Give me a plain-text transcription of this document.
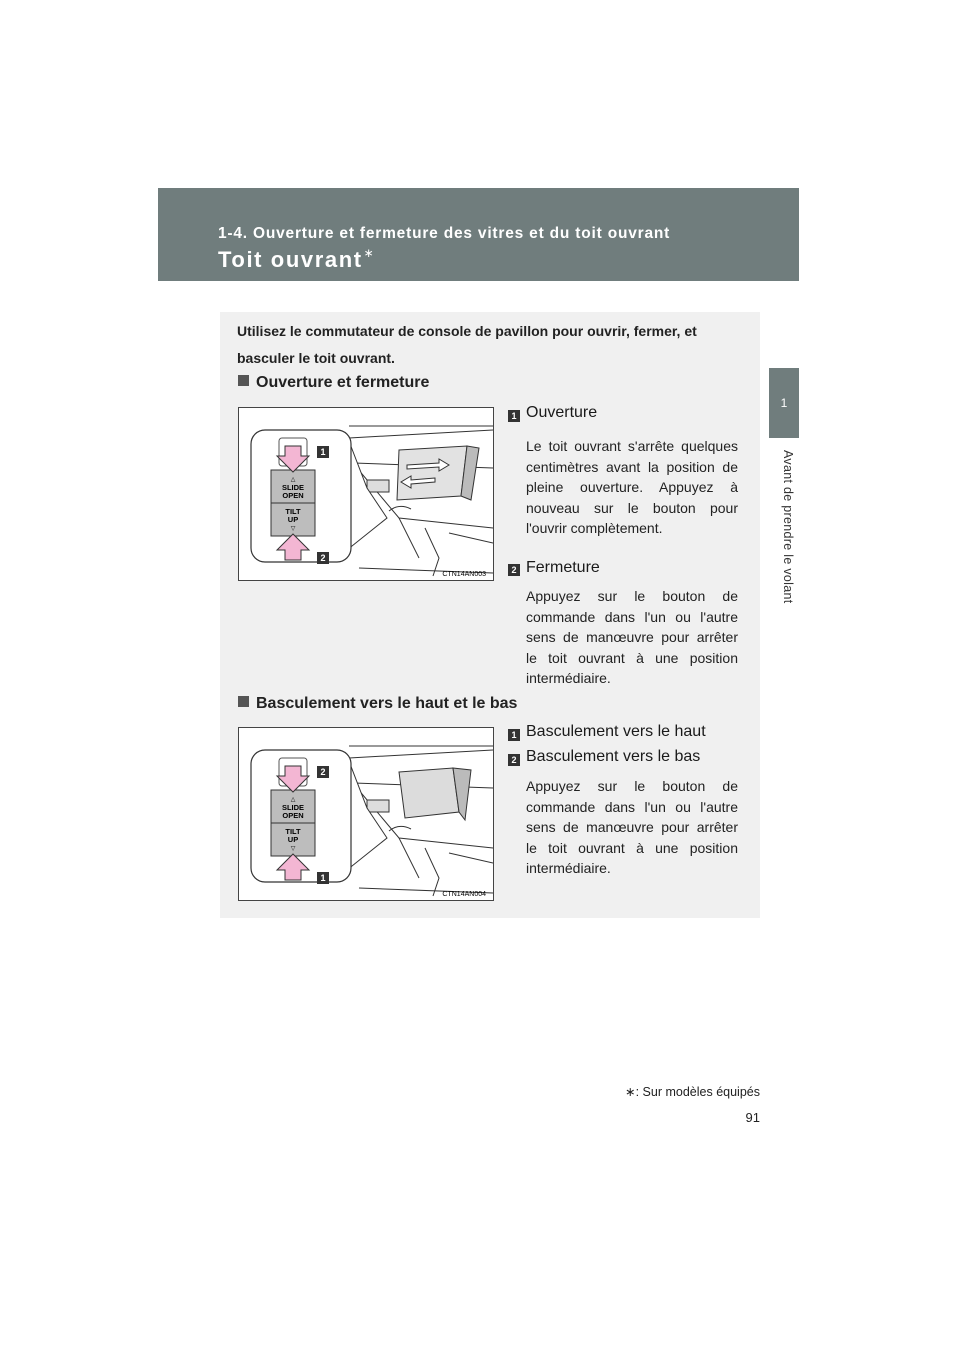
1-4. Ouverture et fermeture des vitres et du toit ouvrant
Toit ouvrant∗
1
Avant de prendre le volant
Utilisez le commutateur de console de pavillon pour ouvrir, fermer, et basculer le toit ouvrant.
Ouverture et fermeture
△
SLIDE
OPEN
TILT
UP
▽
CTN14AN003
1
2
1 Ouverture
Le toit ouvrant s'arrête quelques centimètres avant la position de pleine ouverture. Appuyez à nouveau sur le bouton pour l'ouvrir complètement.
2 Fermeture
Appuyez sur le bouton de commande dans l'un ou l'autre sens de manœuvre pour arrêter le toit ouvrant à une position intermédiaire.
Basculement vers le haut et le bas
△
SLIDE
OPEN
TILT
UP
▽
CTN14AN004
2
1
1 Basculement vers le haut
2 Basculement vers le bas
Appuyez sur le bouton de commande dans l'un ou l'autre sens de manœuvre pour arrêter le toit ouvrant à une position intermédiaire.
∗: Sur modèles équipés
91
